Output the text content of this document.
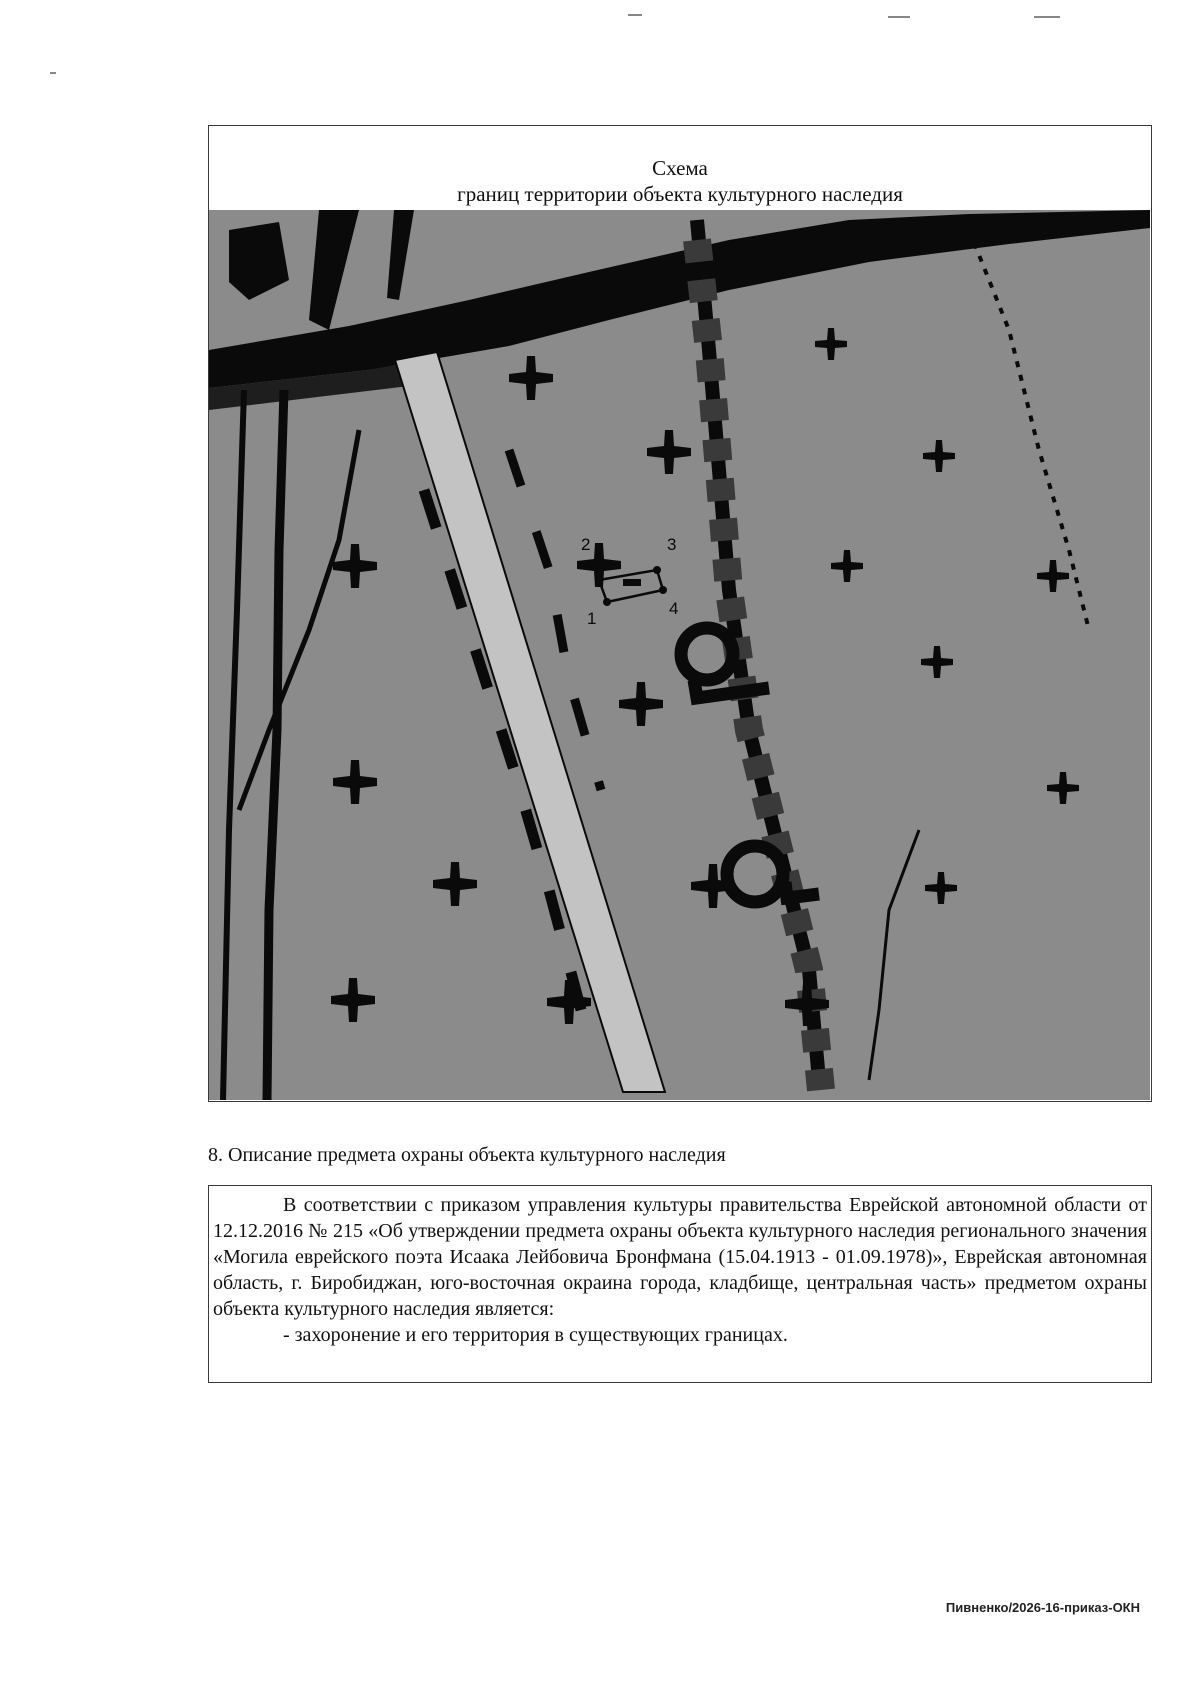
Схема
границ территории объекта культурного наследия
1
2	3
4
8. Описание предмета охраны объекта культурного наследия

В соответствии с приказом управления культуры правительства Еврейской автономной области от 12.12.2016 № 215 «Об утверждении предмета охраны объекта культурного наследия регионального значения «Могила еврейского поэта Исаака Лейбовича Бронфмана (15.04.1913 - 01.09.1978)», Еврейская автономная область, г. Биробиджан, юго-восточная окраина города, кладбище, центральная часть» предметом охраны объекта культурного наследия является:

- захоронение и его территория в существующих границах.

Пивненко/2026-16-приказ-ОКН
